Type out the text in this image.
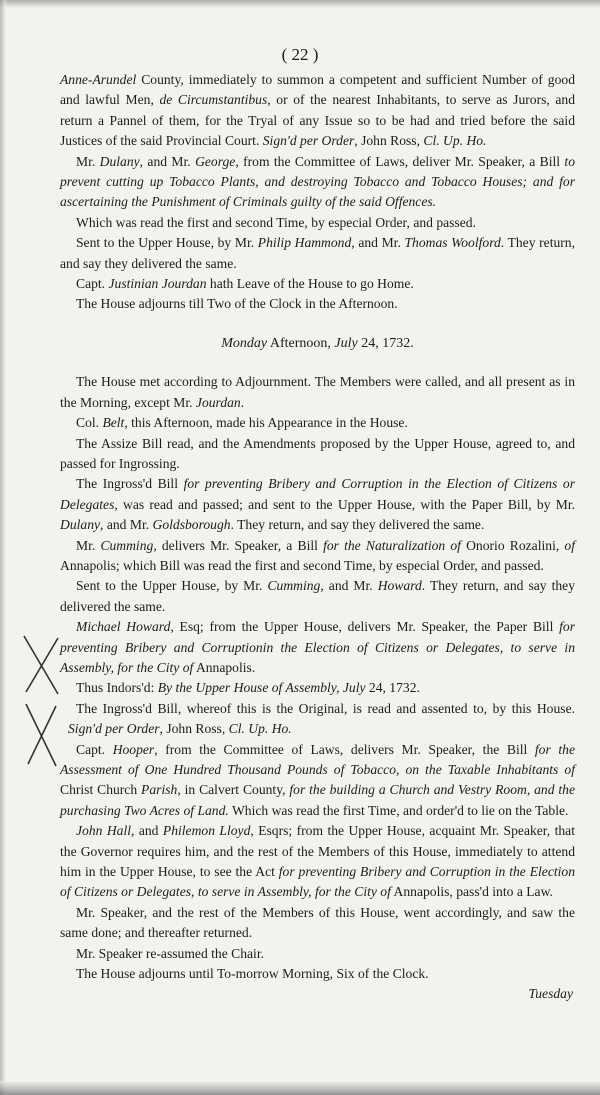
( 22 )

Anne-Arundel County, immediately to summon a competent and sufficient Number of good and lawful Men, de Circumstantibus, or of the nearest Inhabitants, to serve as Jurors, and return a Pannel of them, for the Tryal of any Issue so to be had and tried before the said Justices of the said Provincial Court. Sign'd per Order, John Ross, Cl. Up. Ho.

Mr. Dulany, and Mr. George, from the Committee of Laws, deliver Mr. Speaker, a Bill to prevent cutting up Tobacco Plants, and destroying Tobacco and Tobacco Houses; and for ascertaining the Punishment of Criminals guilty of the said Offences.

Which was read the first and second Time, by especial Order, and passed.

Sent to the Upper House, by Mr. Philip Hammond, and Mr. Thomas Woolford. They return, and say they delivered the same.

Capt. Justinian Jourdan hath Leave of the House to go Home.

The House adjourns till Two of the Clock in the Afternoon.

Monday Afternoon, July 24, 1732.

The House met according to Adjournment. The Members were called, and all present as in the Morning, except Mr. Jourdan.

Col. Belt, this Afternoon, made his Appearance in the House.

The Assize Bill read, and the Amendments proposed by the Upper House, agreed to, and passed for Ingrossing.

The Ingross'd Bill for preventing Bribery and Corruption in the Election of Citizens or Delegates, was read and passed; and sent to the Upper House, with the Paper Bill, by Mr. Dulany, and Mr. Goldsborough. They return, and say they delivered the same.

Mr. Cumming, delivers Mr. Speaker, a Bill for the Naturalization of Onorio Rozalini, of Annapolis; which Bill was read the first and second Time, by especial Order, and passed.

Sent to the Upper House, by Mr. Cumming, and Mr. Howard. They return, and say they delivered the same.

Michael Howard, Esq; from the Upper House, delivers Mr. Speaker, the Paper Bill for preventing Bribery and Corruptionin the Election of Citizens or Delegates, to serve in Assembly, for the City of Annapolis.

Thus Indors'd: By the Upper House of Assembly, July 24, 1732.

The Ingross'd Bill, whereof this is the Original, is read and assented to, by this House. Sign'd per Order, John Ross, Cl. Up. Ho.

Capt. Hooper, from the Committee of Laws, delivers Mr. Speaker, the Bill for the Assessment of One Hundred Thousand Pounds of Tobacco, on the Taxable Inhabitants of Christ Church Parish, in Calvert County, for the building a Church and Vestry Room, and the purchasing Two Acres of Land. Which was read the first Time, and order'd to lie on the Table.

John Hall, and Philemon Lloyd, Esqrs; from the Upper House, acquaint Mr. Speaker, that the Governor requires him, and the rest of the Members of this House, immediately to attend him in the Upper House, to see the Act for preventing Bribery and Corruption in the Election of Citizens or Delegates, to serve in Assembly, for the City of Annapolis, pass'd into a Law.

Mr. Speaker, and the rest of the Members of this House, went accordingly, and saw the same done; and thereafter returned.

Mr. Speaker re-assumed the Chair.

The House adjourns until To-morrow Morning, Six of the Clock.

Tuesday
